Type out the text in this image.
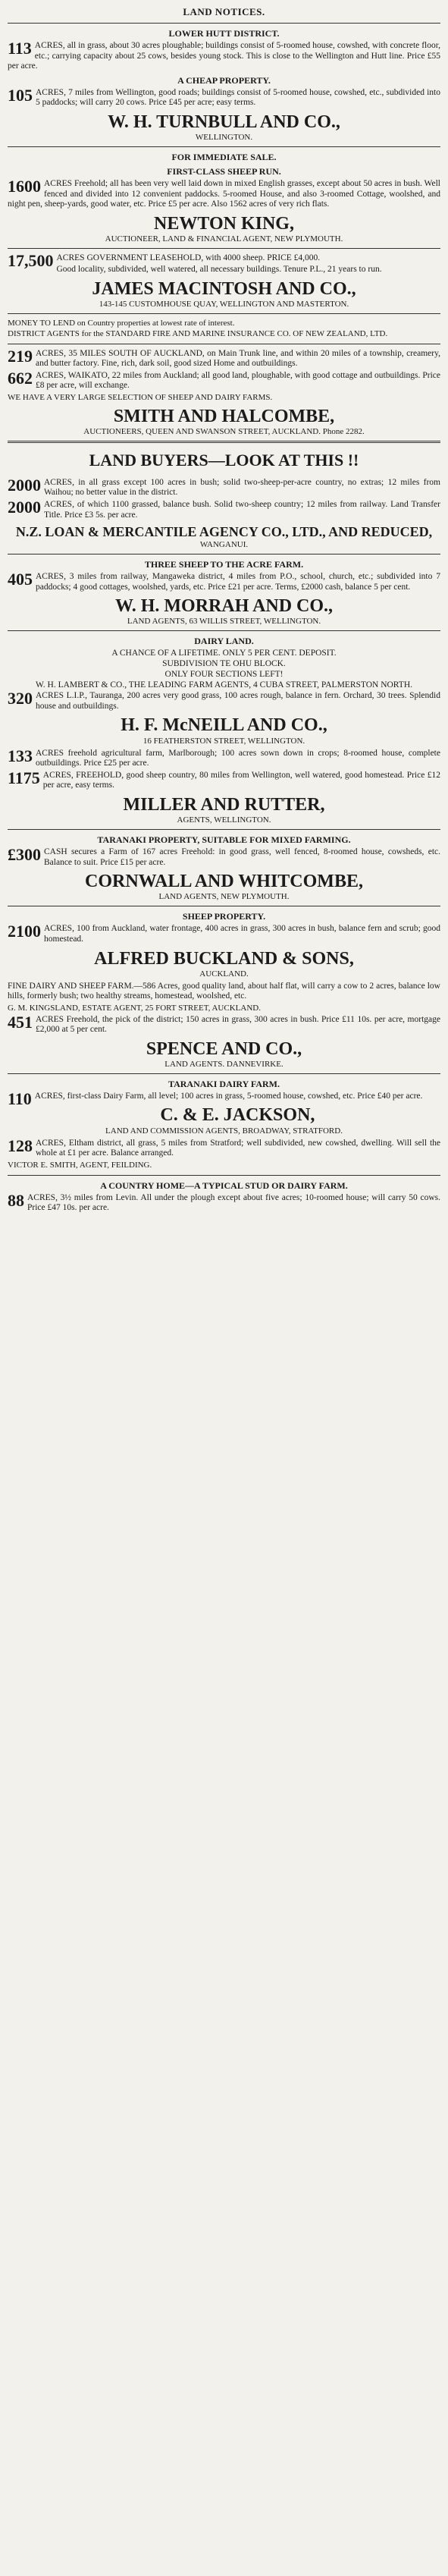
LAND NOTICES.
LOWER HUTT DISTRICT.
113 ACRES, all in grass, about 30 acres ploughable; buildings consist of 5-roomed house, cowshed, with concrete floor, etc.; carrying capacity about 25 cows, besides young stock. This is close to the Wellington and Hutt line. Price £55 per acre.
A CHEAP PROPERTY.
105 ACRES, 7 miles from Wellington, good roads; buildings consist of 5-roomed house, cowshed, etc., subdivided into 5 paddocks; will carry 20 cows. Price £45 per acre; easy terms.
W. H. TURNBULL AND CO.,
WELLINGTON.
FOR IMMEDIATE SALE.
FIRST-CLASS SHEEP RUN.
1600 ACRES Freehold; all has been very well laid down in mixed English grasses, except about 50 acres in bush. Well fenced and divided into 12 convenient paddocks. 5-roomed House, and also 3-roomed Cottage, woolshed, and night pen, sheep-yards, good water, etc. Price £5 per acre. Also 1562 acres of very rich flats.
NEWTON KING,
AUCTIONEER, LAND & FINANCIAL AGENT, NEW PLYMOUTH.
17,500 ACRES GOVERNMENT LEASEHOLD, with 4000 sheep. PRICE £4,000.
Good locality, subdivided, well watered, all necessary buildings. Tenure P.L., 21 years to run.
JAMES MACINTOSH AND CO.,
143-145 CUSTOMHOUSE QUAY, WELLINGTON AND MASTERTON.
MONEY TO LEND on Country properties at lowest rate of interest.
DISTRICT AGENTS for the STANDARD FIRE AND MARINE INSURANCE CO. OF NEW ZEALAND, LTD.
219 ACRES, 35 MILES SOUTH OF AUCKLAND, on Main Trunk line, and within 20 miles of a township, creamery, and butter factory. Fine, rich, dark soil, good sized Home and outbuildings.
662 ACRES, WAIKATO, 22 miles from Auckland; all good land, ploughable, with good cottage and outbuildings. Price £8 per acre, will exchange.
WE HAVE A VERY LARGE SELECTION OF SHEEP AND DAIRY FARMS.
SMITH AND HALCOMBE,
AUCTIONEERS, QUEEN AND SWANSON STREET, AUCKLAND. Phone 2282.
LAND BUYERS—LOOK AT THIS !!
2000 ACRES, in all grass except 100 acres in bush; solid two-sheep-per-acre country, no extras; 12 miles from Waihou; no better value in the district.
2000 ACRES, of which 1100 grassed, balance bush. Solid two-sheep country; 12 miles from railway. Land Transfer Title. Price £3 5s. per acre.
N.Z. LOAN & MERCANTILE AGENCY CO., LTD., AND REDUCED,
WANGANUI.
THREE SHEEP TO THE ACRE FARM.
405 ACRES, 3 miles from railway, Mangaweka district, 4 miles from P.O., school, church, etc.; subdivided into 7 paddocks; 4 good cottages, woolshed, yards, etc. Price £21 per acre. Terms, £2000 cash, balance 5 per cent.
W. H. MORRAH AND CO.,
LAND AGENTS, 63 WILLIS STREET, WELLINGTON.
DAIRY LAND.
A CHANCE OF A LIFETIME. ONLY 5 PER CENT. DEPOSIT.
SUBDIVISION TE OHU BLOCK.
ONLY FOUR SECTIONS LEFT!
W. H. LAMBERT & CO., THE LEADING FARM AGENTS, 4 CUBA STREET, PALMERSTON NORTH.
320 ACRES L.I.P., Tauranga, 200 acres very good grass, 100 acres rough, balance in fern. Orchard, 30 trees. Splendid house and outbuildings.
H. F. McNEILL AND CO.,
16 FEATHERSTON STREET, WELLINGTON.
133 ACRES freehold agricultural farm, Marlborough; 100 acres sown down in crops; 8-roomed house, complete outbuildings. Price £25 per acre.
1175 ACRES, FREEHOLD, good sheep country, 80 miles from Wellington, well watered, good homestead. Price £12 per acre, easy terms.
MILLER AND RUTTER,
AGENTS, WELLINGTON.
TARANAKI PROPERTY, SUITABLE FOR MIXED FARMING.
£300 CASH secures a Farm of 167 acres Freehold: in good grass, well fenced, 8-roomed house, cowsheds, etc. Balance to suit. Price £15 per acre.
CORNWALL AND WHITCOMBE,
LAND AGENTS, NEW PLYMOUTH.
SHEEP PROPERTY.
2100 ACRES, 100 from Auckland, water frontage, 400 acres in grass, 300 acres in bush, balance fern and scrub; good homestead.
ALFRED BUCKLAND & SONS,
AUCKLAND.
FINE DAIRY AND SHEEP FARM.—586 Acres, good quality land, about half flat, will carry a cow to 2 acres, balance low hills, formerly bush; two healthy streams, homestead, woolshed, etc.
G. M. KINGSLAND, ESTATE AGENT, 25 FORT STREET, AUCKLAND.
451 ACRES Freehold, the pick of the district; 150 acres in grass, 300 acres in bush. Price £11 10s. per acre, mortgage £2,000 at 5 per cent.
SPENCE AND CO.,
LAND AGENTS. DANNEVIRKE.
TARANAKI DAIRY FARM.
110 ACRES, first-class Dairy Farm, all level; 100 acres in grass, 5-roomed house, cowshed, etc. Price £40 per acre.
C. & E. JACKSON,
LAND AND COMMISSION AGENTS, BROADWAY, STRATFORD.
128 ACRES, Eltham district, all grass, 5 miles from Stratford; well subdivided, new cowshed, dwelling. Will sell the whole at £1 per acre. Balance arranged.
VICTOR E. SMITH, AGENT, FEILDING.
A COUNTRY HOME—A TYPICAL STUD OR DAIRY FARM.
88 ACRES, 3½ miles from Levin. All under the plough except about five acres; 10-roomed house; will carry 50 cows. Price £47 10s. per acre.
